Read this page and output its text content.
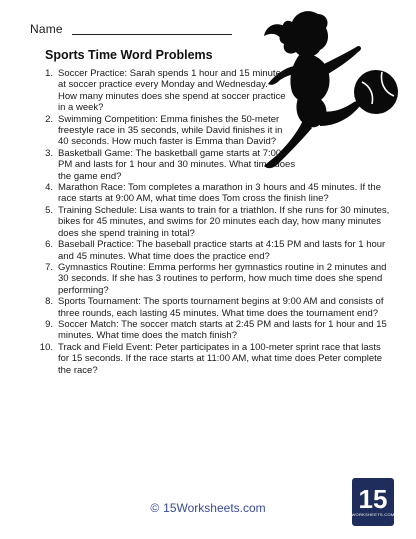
Name
Sports Time Word Problems
1. Soccer Practice: Sarah spends 1 hour and 15 minutes at soccer practice every Monday and Wednesday. How many minutes does she spend at soccer practice in a week?
2. Swimming Competition: Emma finishes the 50-meter freestyle race in 35 seconds, while David finishes it in 40 seconds. How much faster is Emma than David?
3. Basketball Game: The basketball game starts at 7:00 PM and lasts for 1 hour and 30 minutes. What time does the game end?
4. Marathon Race: Tom completes a marathon in 3 hours and 45 minutes. If the race starts at 9:00 AM, what time does Tom cross the finish line?
5. Training Schedule: Lisa wants to train for a triathlon. If she runs for 30 minutes, bikes for 45 minutes, and swims for 20 minutes each day, how many minutes does she spend training in total?
6. Baseball Practice: The baseball practice starts at 4:15 PM and lasts for 1 hour and 45 minutes. What time does the practice end?
7. Gymnastics Routine: Emma performs her gymnastics routine in 2 minutes and 30 seconds. If she has 3 routines to perform, how much time does she spend performing?
8. Sports Tournament: The sports tournament begins at 9:00 AM and consists of three rounds, each lasting 45 minutes. What time does the tournament end?
9. Soccer Match: The soccer match starts at 2:45 PM and lasts for 1 hour and 15 minutes. What time does the match finish?
10. Track and Field Event: Peter participates in a 100-meter sprint race that lasts for 15 seconds. If the race starts at 11:00 AM, what time does Peter complete the race?
© 15Worksheets.com	15
WORKSHEETS.COM
